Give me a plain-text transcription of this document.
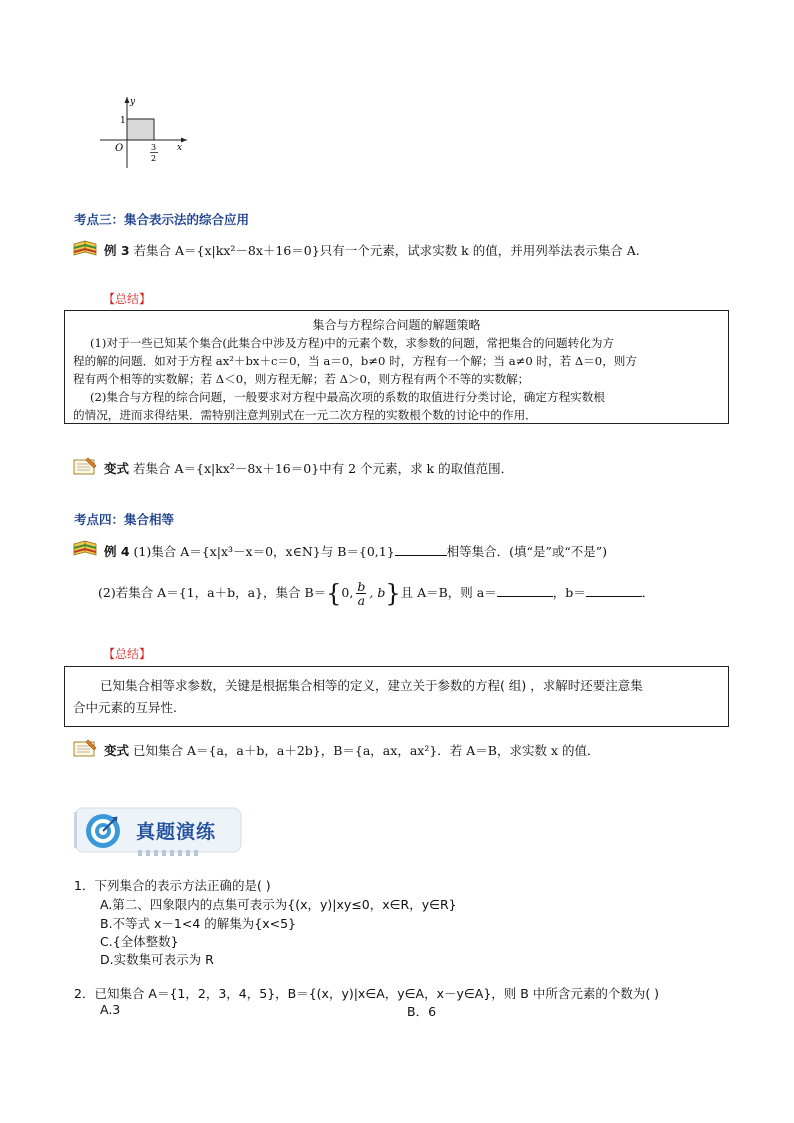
y
x
O
1
3
2
考点三：集合表示法的综合应用
例 3 若集合 A＝{x|kx²－8x＋16＝0}只有一个元素，试求实数 k 的值，并用列举法表示集合 A.
【总结】
集合与方程综合问题的解题策略
(1)对于一些已知某个集合(此集合中涉及方程)中的元素个数，求参数的问题，常把集合的问题转化为方
程的解的问题．如对于方程 ax²＋bx＋c＝0，当 a＝0，b≠0 时，方程有一个解；当 a≠0 时，若 Δ＝0，则方
程有两个相等的实数解；若 Δ＜0，则方程无解；若 Δ＞0，则方程有两个不等的实数解；
(2)集合与方程的综合问题，一般要求对方程中最高次项的系数的取值进行分类讨论，确定方程实数根
的情况，进而求得结果．需特别注意判别式在一元二次方程的实数根个数的讨论中的作用．
变式 若集合 A＝{x|kx²－8x＋16＝0}中有 2 个元素，求 k 的取值范围．
考点四：集合相等
例 4 (1)集合 A＝{x|x³－x＝0，x∈N}与 B＝{0,1}	相等集合．(填“是”或“不是”)
(2)若集合 A＝{1，a＋b，a}，集合 B＝{0, $\frac{b}{a}$ , b}且 A＝B，则 a＝	，b＝	．
【总结】
已知集合相等求参数，关键是根据集合相等的定义，建立关于参数的方程( 组) ，求解时还要注意集
合中元素的互异性.
变式 已知集合 A＝{a，a＋b，a＋2b}，B＝{a，ax，ax²}．若 A＝B，求实数 x 的值．
真题演练
1．下列集合的表示方法正确的是( )
A.第二、四象限内的点集可表示为{(x，y)|xy≤0，x∈R，y∈R}
B.不等式 x－1<4 的解集为{x<5}
C.{全体整数}
D.实数集可表示为 R
2．已知集合 A＝{1，2，3，4，5}，B＝{(x，y)|x∈A，y∈A，x－y∈A}，则 B 中所含元素的个数为( )
A.3	B．6
